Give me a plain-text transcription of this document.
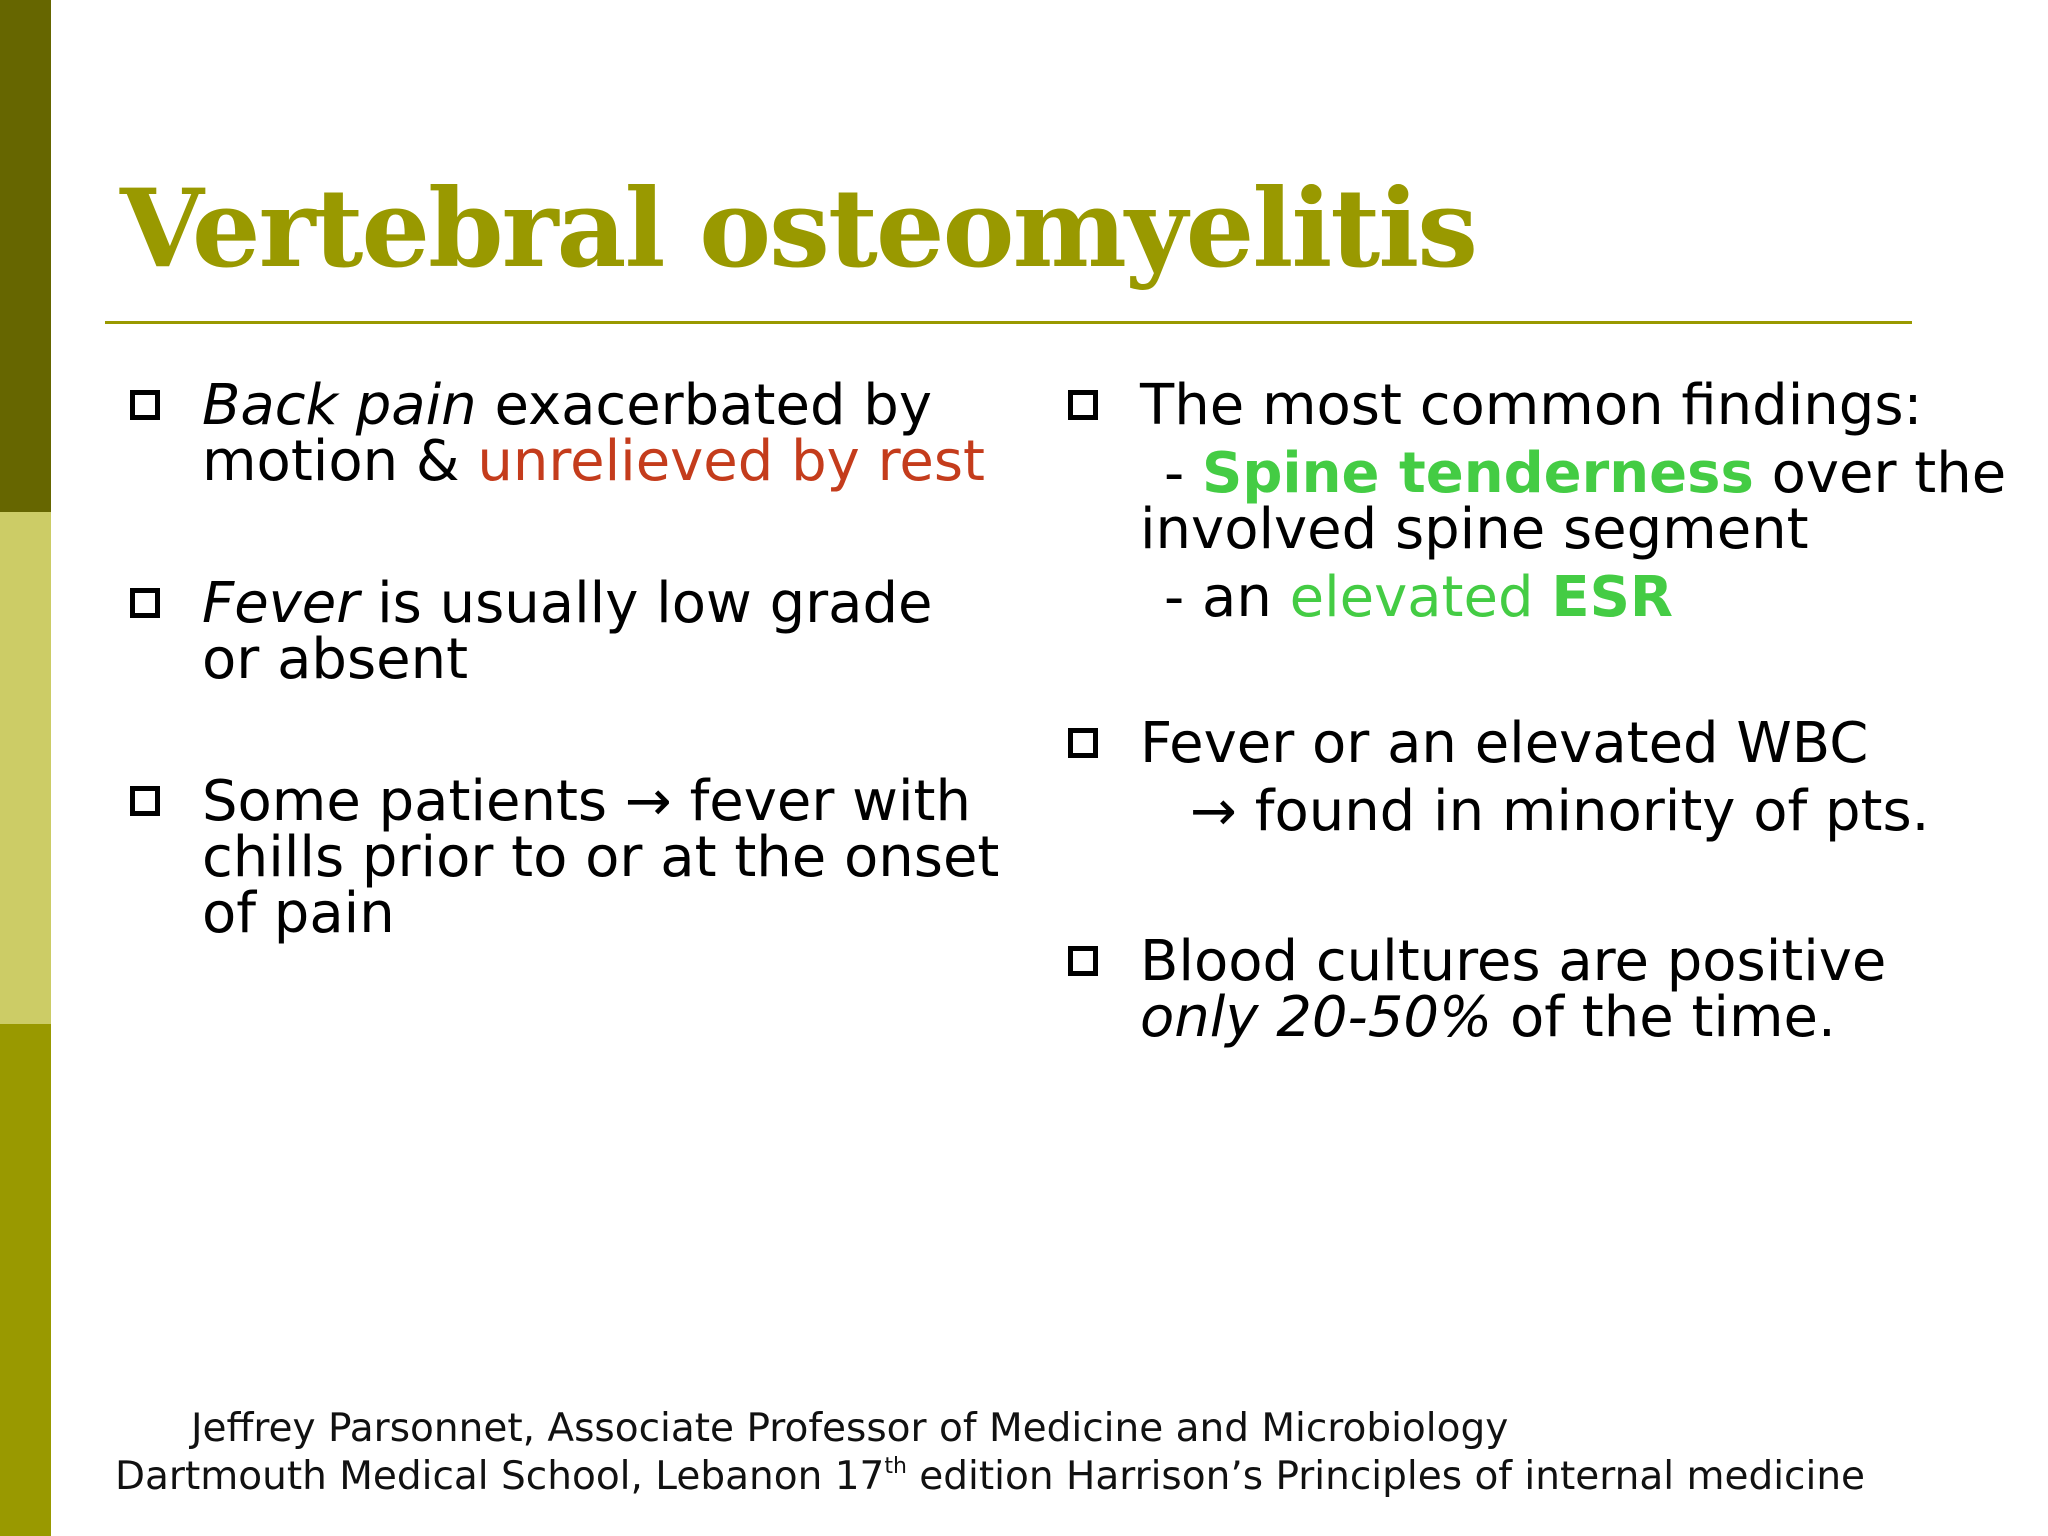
Vertebral osteomyelitis
Back pain exacerbated by
motion & unrelieved by rest
Fever is usually low grade
or absent
Some patients → fever with
chills prior to or at the onset
of pain
The most common findings:
- Spine tenderness over the
involved spine segment
- an elevated ESR
Fever or an elevated WBC
→ found in minority of pts.
Blood cultures are positive
only 20-50% of the time.
Jeffrey Parsonnet, Associate Professor of Medicine and Microbiology
Dartmouth Medical School, Lebanon 17th edition Harrison’s Principles of internal medicine
